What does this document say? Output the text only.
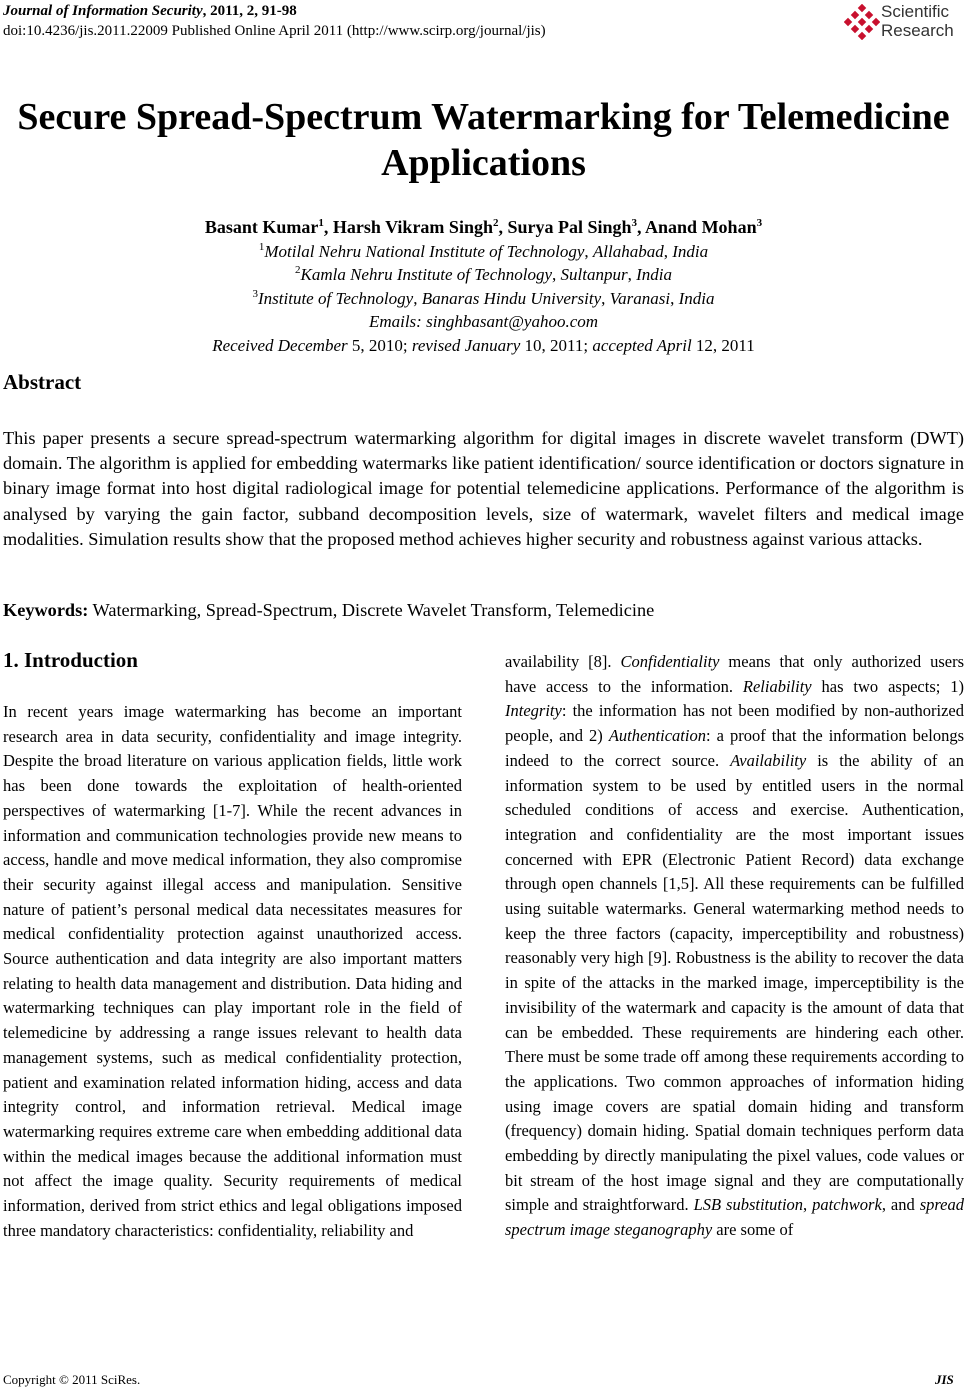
Journal of Information Security, 2011, 2, 91-98
doi:10.4236/jis.2011.22009 Published Online April 2011 (http://www.scirp.org/journal/jis)
Scientific
Research
Secure Spread-Spectrum Watermarking for Telemedicine
Applications
Basant Kumar$^1$, Harsh Vikram Singh$^2$, Surya Pal Singh$^3$, Anand Mohan$^3$
$^1$Motilal Nehru National Institute of Technology, Allahabad, India
$^2$Kamla Nehru Institute of Technology, Sultanpur, India
$^3$Institute of Technology, Banaras Hindu University, Varanasi, India
Emails: singhbasant@yahoo.com
Received December 5, 2010; revised January 10, 2011; accepted April 12, 2011
Abstract
This paper presents a secure spread-spectrum watermarking algorithm for digital images in discrete wavelet transform (DWT) domain. The algorithm is applied for embedding watermarks like patient identification/ source identification or doctors signature in binary image format into host digital radiological image for potential telemedicine applications. Performance of the algorithm is analysed by varying the gain factor, subband decomposition levels, size of watermark, wavelet filters and medical image modalities. Simulation results show that the proposed method achieves higher security and robustness against various attacks.
Keywords: Watermarking, Spread-Spectrum, Discrete Wavelet Transform, Telemedicine
1. Introduction
In recent years image watermarking has become an important research area in data security, confidentiality and image integrity. Despite the broad literature on various application fields, little work has been done towards the exploitation of health-oriented perspectives of watermarking [1-7]. While the recent advances in information and communication technologies provide new means to access, handle and move medical information, they also compromise their security against illegal access and manipulation. Sensitive nature of patient’s personal medical data necessitates measures for medical confidentiality protection against unauthorized access. Source authentication and data integrity are also important matters relating to health data management and distribution. Data hiding and watermarking techniques can play important role in the field of telemedicine by addressing a range issues relevant to health data management systems, such as medical confidentiality protection, patient and examination related information hiding, access and data integrity control, and information retrieval. Medical image watermarking requires extreme care when embedding additional data within the medical images because the additional information must not affect the image quality. Security requirements of medical information, derived from strict ethics and legal obligations imposed three mandatory characteristics: confidentiality, reliability and
availability [8]. Confidentiality means that only authorized users have access to the information. Reliability has two aspects; 1) Integrity: the information has not been modified by non-authorized people, and 2) Authentication: a proof that the information belongs indeed to the correct source. Availability is the ability of an information system to be used by entitled users in the normal scheduled conditions of access and exercise. Authentication, integration and confidentiality are the most important issues concerned with EPR (Electronic Patient Record) data exchange through open channels [1,5]. All these requirements can be fulfilled using suitable watermarks. General watermarking method needs to keep the three factors (capacity, imperceptibility and robustness) reasonably very high [9]. Robustness is the ability to recover the data in spite of the attacks in the marked image, imperceptibility is the invisibility of the watermark and capacity is the amount of data that can be embedded. These requirements are hindering each other. There must be some trade off among these requirements according to the applications. Two common approaches of information hiding using image covers are spatial domain hiding and transform (frequency) domain hiding. Spatial domain techniques perform data embedding by directly manipulating the pixel values, code values or bit stream of the host image signal and they are computationally simple and straightforward. LSB substitution, patchwork, and spread spectrum image steganography are some of
Copyright © 2011 SciRes.	JIS
